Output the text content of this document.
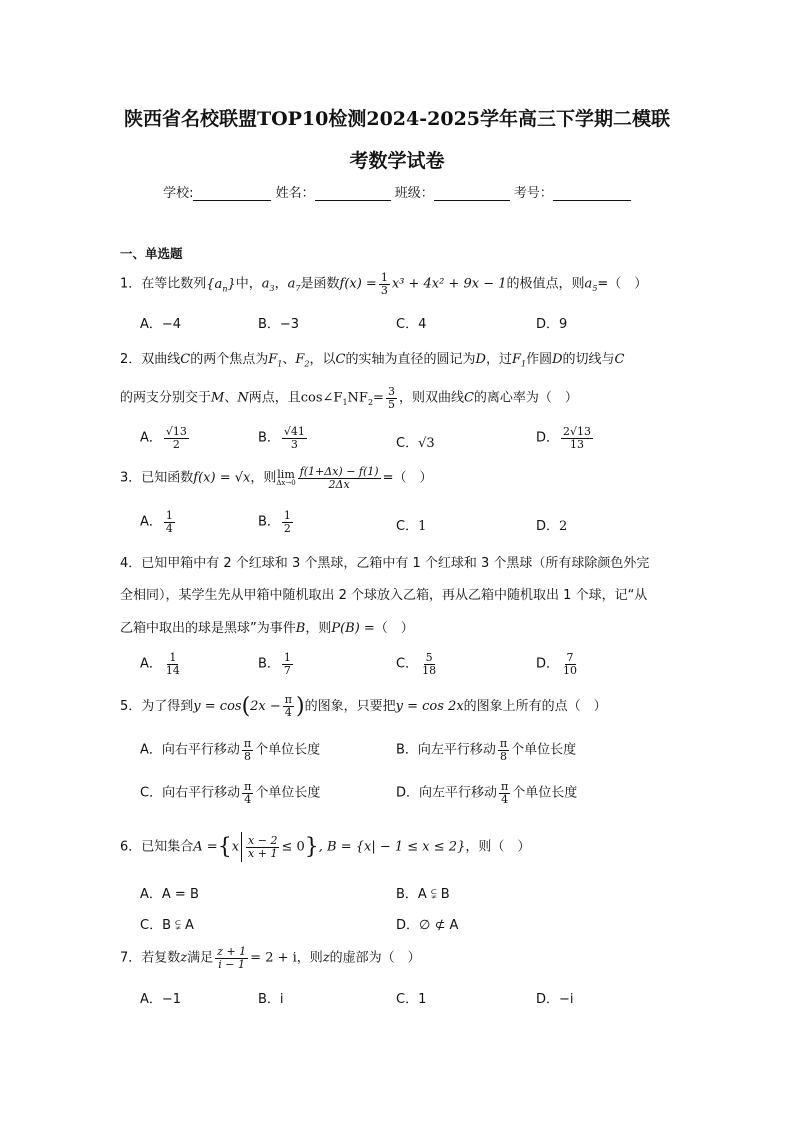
陕西省名校联盟TOP10检测2024-2025学年高三下学期二模联
考数学试卷
学校:	姓名：	班级：	考号：
一、单选题
1．在等比数列$\{a_n\}$中，$a_3$，$a_7$是函数$f(x) = \frac{1}{3} x^3 + 4x^2 + 9x - 1$的极值点，则$a_5=$（　）
A．−4	B．−3	C．4	D．9
2．双曲线C的两个焦点为$F_1$、$F_2$，以C的实轴为直径的圆记为D，过$F_1$作圆D的切线与C
的两支分别交于M、N两点，且$\cos\angle F_1NF_2= \frac{3}{5}$ ，则双曲线C的离心率为（　）
A． $\frac{√13}{2}$	B． $\frac{√41}{3}$	C．√3	D． $\frac{2√13}{13}$
3．已知函数f(x) = √x，则 lim
$\Delta x\to 0 \frac{f(1+\Delta x) - f(1)}{2\Delta x}$ =（　）
A． $\frac{1}{4}$	B． $\frac{1}{2}$	C．1	D．2
4．已知甲箱中有 2 个红球和 3 个黑球，乙箱中有 1 个红球和 3 个黑球（所有球除颜色外完
全相同），某学生先从甲箱中随机取出 2 个球放入乙箱，再从乙箱中随机取出 1 个球，记“从
乙箱中取出的球是黑球”为事件B，则P(B) =（　）
A． $\frac{1}{14}$	B． $\frac{1}{7}$	C． $\frac{5}{18}$	D． $\frac{7}{10}$
5．为了得到$y = \cos(2x - \frac{\pi}{4}$ )的图象，只要把y = cos 2x的图象上所有的点（　）
A．向右平行移动 $\frac{\pi}{8}$ 个单位长度	B．向左平行移动 $\frac{\pi}{8}$ 个单位长度
C．向右平行移动 $\frac{\pi}{4}$ 个单位长度	D．向左平行移动 $\frac{\pi}{4}$ 个单位长度
6．已知集合$A =\{x \frac{x - 2}{x + 1} \le 0\}$, B = {x| − 1 ≤ x ≤ 2}，则（　）
A．A = B	B．A ⫋ B
C．B ⫋ A	D．∅ ⊄ A
7．若复数z满足 $\frac{z + 1}{i - 1} = 2 + i$，则z的虚部为（　）
A．−1	B．i	C．1	D．−i
